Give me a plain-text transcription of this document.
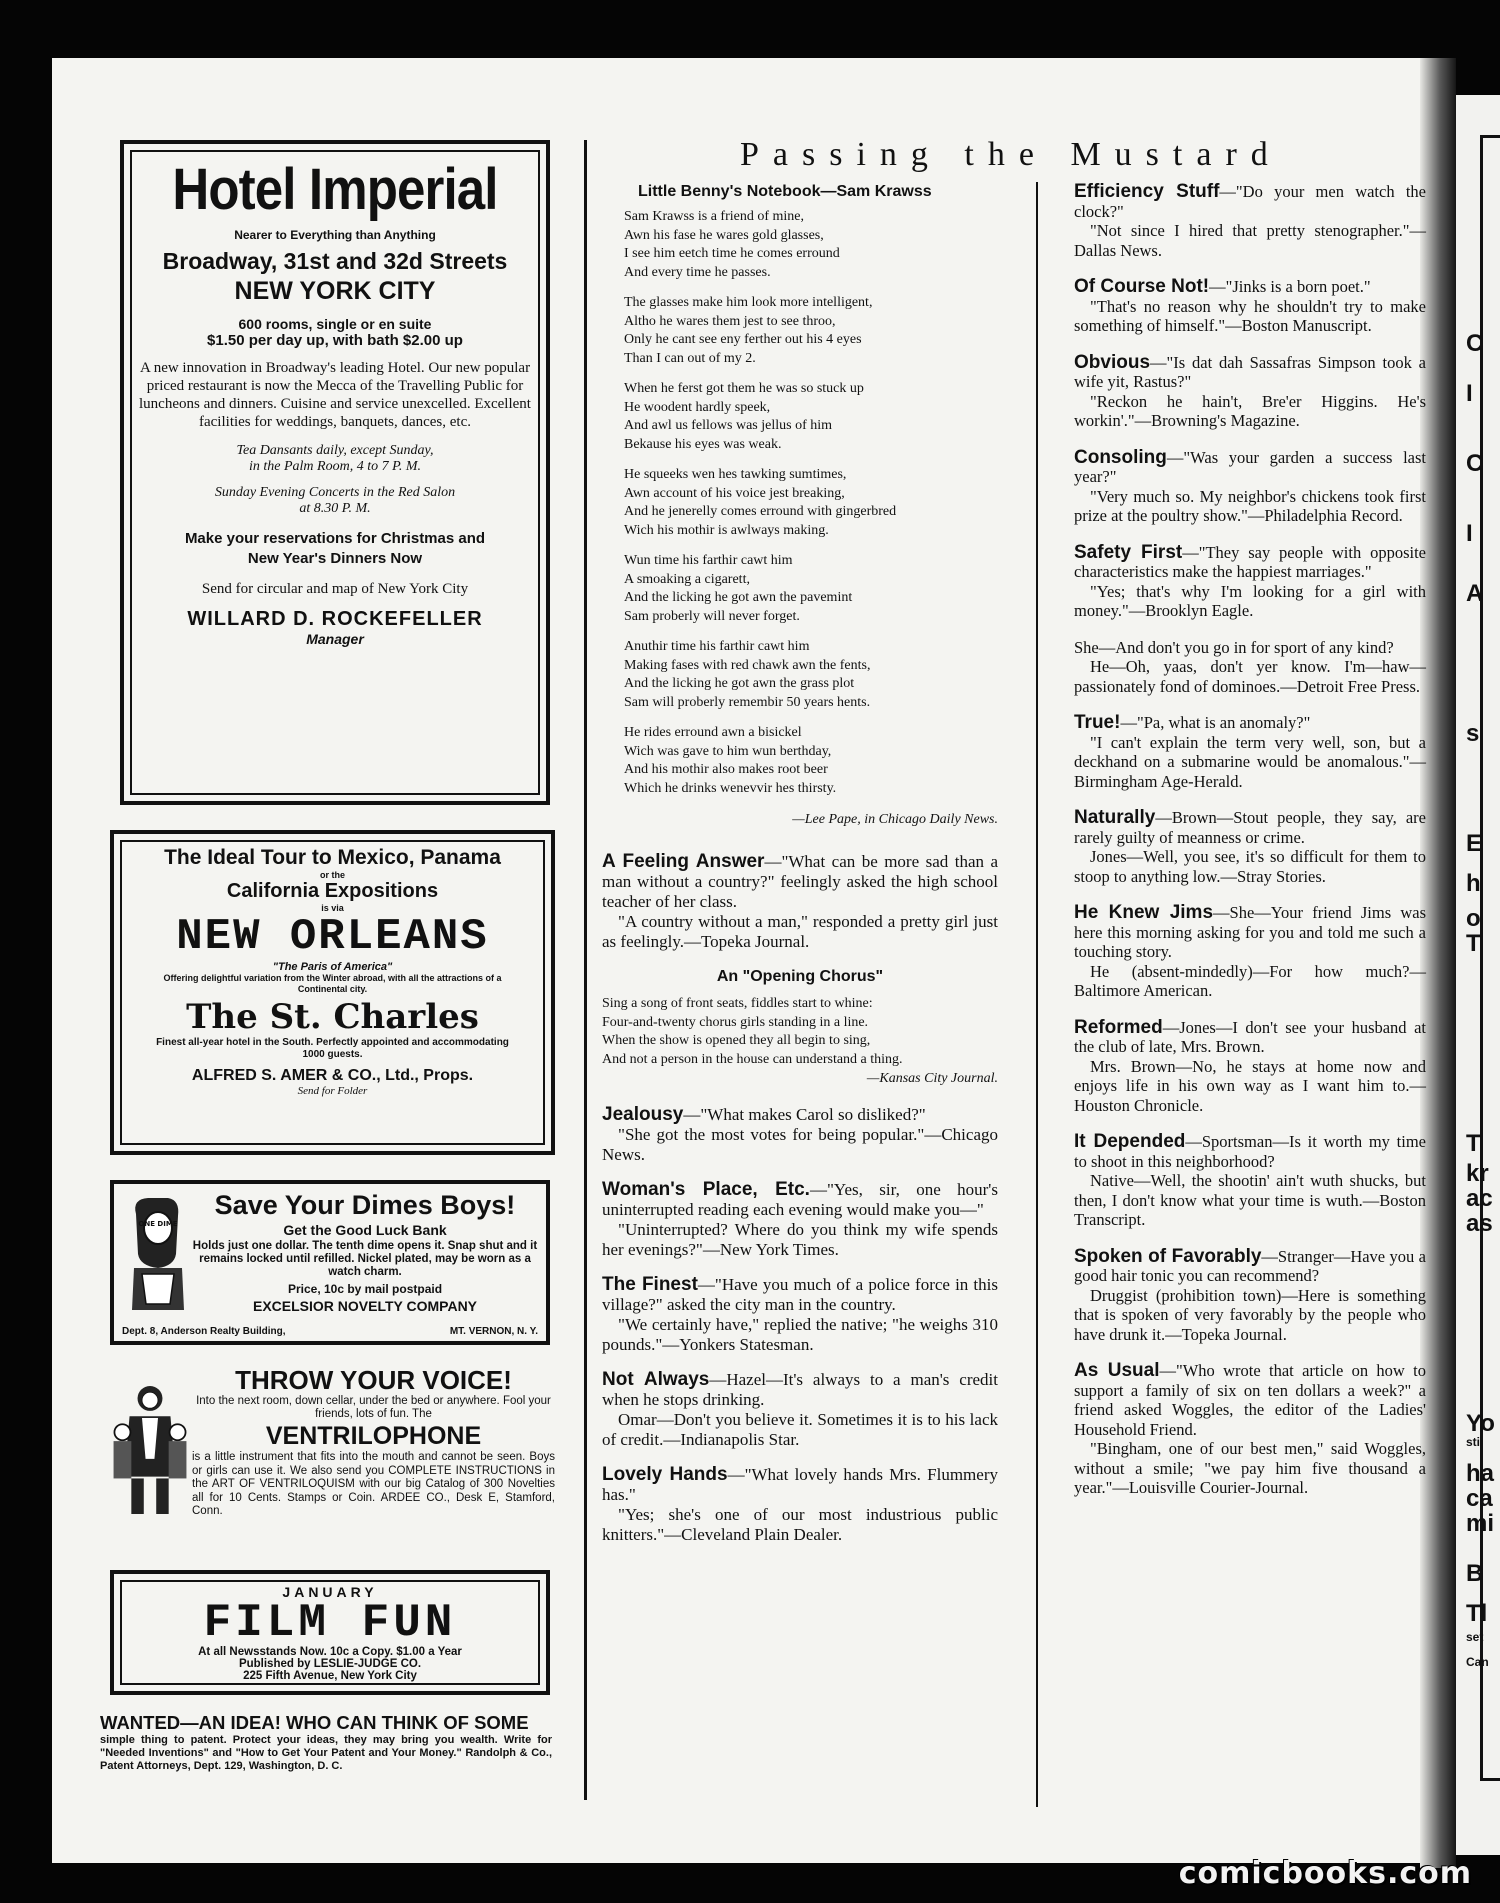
C
I
C
I
A
s
E
h
o
T
T
kr
ac
as
Yo
sti
ha
ca
mi
B
Tl
set
Can
Hotel Imperial
Nearer to Everything than Anything
Broadway, 31st and 32d Streets
NEW YORK CITY
600 rooms, single or en suite
$1.50 per day up, with bath $2.00 up
A new innovation in Broadway's leading Hotel. Our new popular priced restaurant is now the Mecca of the Travelling Public for luncheons and dinners. Cuisine and service unexcelled. Excellent facilities for weddings, banquets, dances, etc.
Tea Dansants daily, except Sunday,
in the Palm Room, 4 to 7 P. M.
Sunday Evening Concerts in the Red Salon
at 8.30 P. M.
Make your reservations for Christmas and New Year's Dinners Now
Send for circular and map of New York City
WILLARD D. ROCKEFELLER
Manager
The Ideal Tour to Mexico, Panama
or the
California Expositions
is via
NEW ORLEANS
"The Paris of America"
Offering delightful variation from the Winter abroad, with all the attractions of a Continental city.
The St. Charles
Finest all-year hotel in the South. Perfectly appointed and accommodating 1000 guests.
ALFRED S. AMER & CO., Ltd., Props.
Send for Folder
ONE DIME
Save Your Dimes Boys!
Get the Good Luck Bank
Holds just one dollar. The tenth dime opens it. Snap shut and it remains locked until refilled. Nickel plated, may be worn as a watch charm.
Price, 10c by mail postpaid
EXCELSIOR NOVELTY COMPANY
Dept. 8, Anderson Realty Building,	MT. VERNON, N. Y.
THROW YOUR VOICE!
Into the next room, down cellar, under the bed or anywhere. Fool your friends, lots of fun. The
VENTRILOPHONE
is a little instrument that fits into the mouth and cannot be seen. Boys or girls can use it. We also send you COMPLETE INSTRUCTIONS in the ART OF VENTRILOQUISM with our big Catalog of 300 Novelties all for 10 Cents. Stamps or Coin. ARDEE CO., Desk E, Stamford, Conn.
JANUARY
FILM FUN
At all Newsstands Now. 10c a Copy. $1.00 a Year
Published by LESLIE-JUDGE CO.
225 Fifth Avenue, New York City
WANTED—AN IDEA! WHO CAN THINK OF SOME
simple thing to patent. Protect your ideas, they may bring you wealth. Write for "Needed Inventions" and "How to Get Your Patent and Your Money." Randolph & Co., Patent Attorneys, Dept. 129, Washington, D. C.
Passing the Mustard
Little Benny's Notebook—Sam Krawss
Sam Krawss is a friend of mine,
Awn his fase he wares gold glasses,
I see him eetch time he comes erround
And every time he passes.
The glasses make him look more intelligent,
Altho he wares them jest to see throo,
Only he cant see eny ferther out his 4 eyes
Than I can out of my 2.
When he ferst got them he was so stuck up
He woodent hardly speek,
And awl us fellows was jellus of him
Bekause his eyes was weak.
He squeeks wen hes tawking sumtimes,
Awn account of his voice jest breaking,
And he jenerelly comes erround with gingerbred
Wich his mothir is awlways making.
Wun time his farthir cawt him
A smoaking a cigarett,
And the licking he got awn the pavemint
Sam proberly will never forget.
Anuthir time his farthir cawt him
Making fases with red chawk awn the fents,
And the licking he got awn the grass plot
Sam will proberly remembir 50 years hents.
He rides erround awn a bisickel
Wich was gave to him wun berthday,
And his mothir also makes root beer
Which he drinks wenevvir hes thirsty.
—Lee Pape, in Chicago Daily News.

A Feeling Answer—"What can be more sad than a man without a country?" feelingly asked the high school teacher of her class.

"A country without a man," responded a pretty girl just as feelingly.—Topeka Journal.

An "Opening Chorus"
Sing a song of front seats, fiddles start to whine:
Four-and-twenty chorus girls standing in a line.
When the show is opened they all begin to sing,
And not a person in the house can understand a thing.
—Kansas City Journal.

Jealousy—"What makes Carol so disliked?"

"She got the most votes for being popular."—Chicago News.

Woman's Place, Etc.—"Yes, sir, one hour's uninterrupted reading each evening would make you—"

"Uninterrupted? Where do you think my wife spends her evenings?"—New York Times.

The Finest—"Have you much of a police force in this village?" asked the city man in the country.

"We certainly have," replied the native; "he weighs 310 pounds."—Yonkers Statesman.

Not Always—Hazel—It's always to a man's credit when he stops drinking.

Omar—Don't you believe it. Sometimes it is to his lack of credit.—Indianapolis Star.

Lovely Hands—"What lovely hands Mrs. Flummery has."

"Yes; she's one of our most industrious public knitters."—Cleveland Plain Dealer.

Efficiency Stuff—"Do your men watch the clock?"

"Not since I hired that pretty stenographer."—Dallas News.

Of Course Not!—"Jinks is a born poet."

"That's no reason why he shouldn't try to make something of himself."—Boston Manuscript.

Obvious—"Is dat dah Sassafras Simpson took a wife yit, Rastus?"

"Reckon he hain't, Bre'er Higgins. He's workin'."—Browning's Magazine.

Consoling—"Was your garden a success last year?"

"Very much so. My neighbor's chickens took first prize at the poultry show."—Philadelphia Record.

Safety First—"They say people with opposite characteristics make the happiest marriages."

"Yes; that's why I'm looking for a girl with money."—Brooklyn Eagle.

She—And don't you go in for sport of any kind?

He—Oh, yaas, don't yer know. I'm—haw—passionately fond of dominoes.—Detroit Free Press.

True!—"Pa, what is an anomaly?"

"I can't explain the term very well, son, but a deckhand on a submarine would be anomalous."—Birmingham Age-Herald.

Naturally—Brown—Stout people, they say, are rarely guilty of meanness or crime.

Jones—Well, you see, it's so difficult for them to stoop to anything low.—Stray Stories.

He Knew Jims—She—Your friend Jims was here this morning asking for you and told me such a touching story.

He (absent-mindedly)—For how much?—Baltimore American.

Reformed—Jones—I don't see your husband at the club of late, Mrs. Brown.

Mrs. Brown—No, he stays at home now and enjoys life in his own way as I want him to.—Houston Chronicle.

It Depended—Sportsman—Is it worth my time to shoot in this neighborhood?

Native—Well, the shootin' ain't wuth shucks, but then, I don't know what your time is wuth.—Boston Transcript.

Spoken of Favorably—Stranger—Have you a good hair tonic you can recommend?

Druggist (prohibition town)—Here is something that is spoken of very favorably by the people who have drunk it.—Topeka Journal.

As Usual—"Who wrote that article on how to support a family of six on ten dollars a week?" a friend asked Woggles, the editor of the Ladies' Household Friend.

"Bingham, one of our best men," said Woggles, without a smile; "we pay him five thousand a year."—Louisville Courier-Journal.

comicbooks.com
